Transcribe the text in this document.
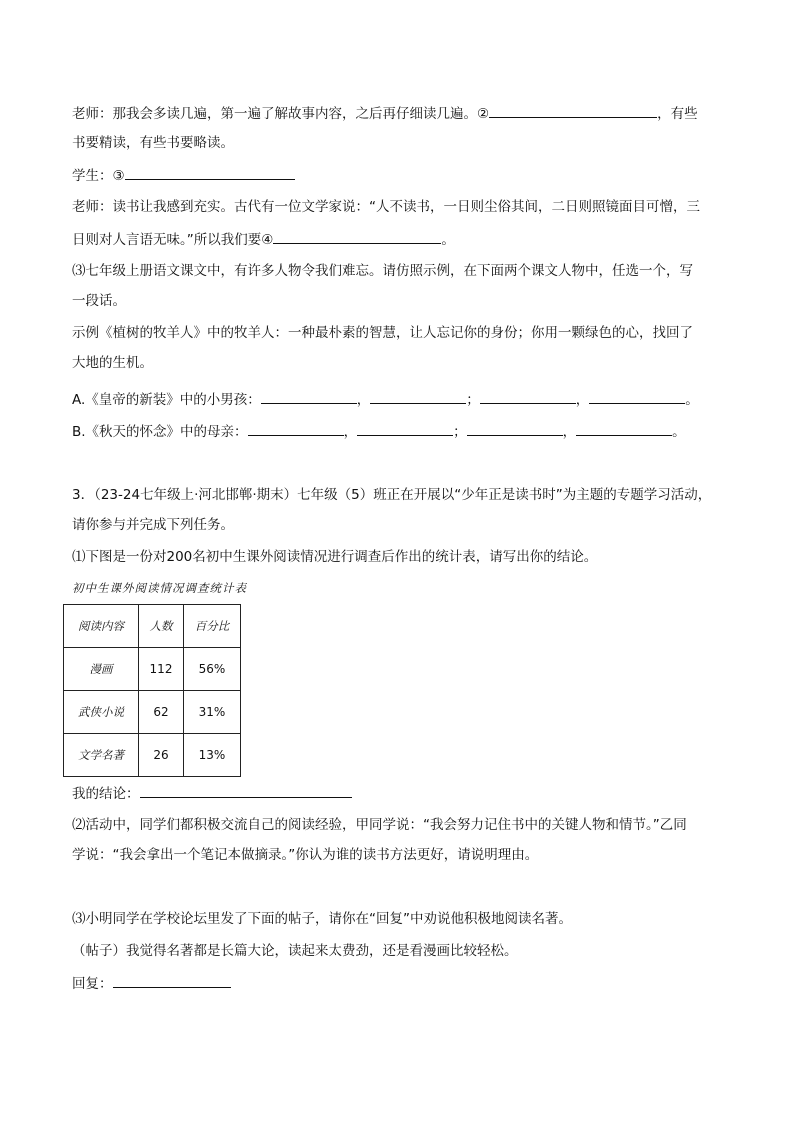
老师：那我会多读几遍，第一遍了解故事内容，之后再仔细读几遍。②	，有些
书要精读，有些书要略读。
学生：③
老师：读书让我感到充实。古代有一位文学家说：“人不读书，一日则尘俗其间，二日则照镜面目可憎，三
日则对人言语无味。”所以我们要④	。
⑶七年级上册语文课文中，有许多人物令我们难忘。请仿照示例，在下面两个课文人物中，任选一个，写
一段话。
示例《植树的牧羊人》中的牧羊人：一种最朴素的智慧，让人忘记你的身份；你用一颗绿色的心，找回了
大地的生机。
A.《皇帝的新装》中的小男孩：	，	；	，	。
B.《秋天的怀念》中的母亲：	，	；	，	。
3．（23-24七年级上·河北邯郸·期末）七年级（5）班正在开展以“少年正是读书时”为主题的专题学习活动，
请你参与并完成下列任务。
⑴下图是一份对200名初中生课外阅读情况进行调查后作出的统计表，请写出你的结论。
初中生课外阅读情况调查统计表
阅读内容	人数	百分比
漫画	112	56%
武侠小说	62	31%
文学名著	26	13%
我的结论：
⑵活动中，同学们都积极交流自己的阅读经验，甲同学说：“我会努力记住书中的关键人物和情节。”乙同
学说：“我会拿出一个笔记本做摘录。”你认为谁的读书方法更好，请说明理由。
⑶小明同学在学校论坛里发了下面的帖子，请你在“回复”中劝说他积极地阅读名著。
（帖子）我觉得名著都是长篇大论，读起来太费劲，还是看漫画比较轻松。
回复：
